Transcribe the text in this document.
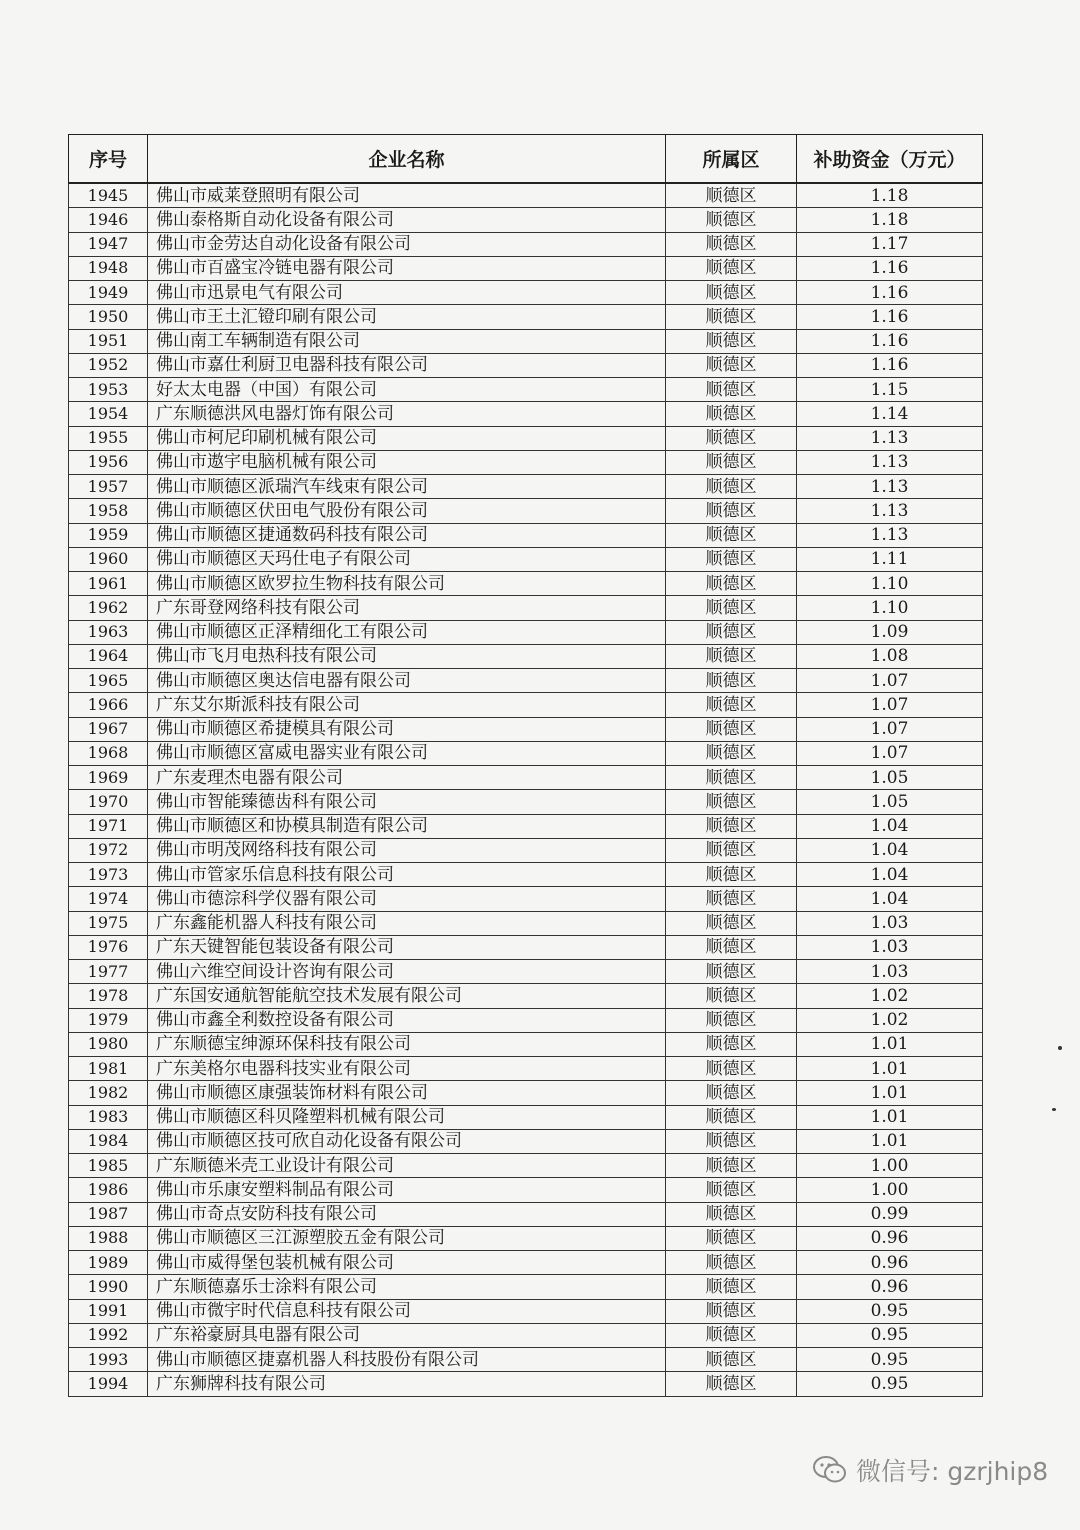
序号	企业名称	所属区	补助资金（万元）
1945	佛山市威莱登照明有限公司	顺德区	1.18
1946	佛山泰格斯自动化设备有限公司	顺德区	1.18
1947	佛山市金劳达自动化设备有限公司	顺德区	1.17
1948	佛山市百盛宝冷链电器有限公司	顺德区	1.16
1949	佛山市迅景电气有限公司	顺德区	1.16
1950	佛山市王土汇镫印刷有限公司	顺德区	1.16
1951	佛山南工车辆制造有限公司	顺德区	1.16
1952	佛山市嘉仕利厨卫电器科技有限公司	顺德区	1.16
1953	好太太电器（中国）有限公司	顺德区	1.15
1954	广东顺德洪风电器灯饰有限公司	顺德区	1.14
1955	佛山市柯尼印刷机械有限公司	顺德区	1.13
1956	佛山市遨宇电脑机械有限公司	顺德区	1.13
1957	佛山市顺德区派瑞汽车线束有限公司	顺德区	1.13
1958	佛山市顺德区伏田电气股份有限公司	顺德区	1.13
1959	佛山市顺德区捷通数码科技有限公司	顺德区	1.13
1960	佛山市顺德区天玛仕电子有限公司	顺德区	1.11
1961	佛山市顺德区欧罗拉生物科技有限公司	顺德区	1.10
1962	广东哥登网络科技有限公司	顺德区	1.10
1963	佛山市顺德区正泽精细化工有限公司	顺德区	1.09
1964	佛山市飞月电热科技有限公司	顺德区	1.08
1965	佛山市顺德区奥达信电器有限公司	顺德区	1.07
1966	广东艾尔斯派科技有限公司	顺德区	1.07
1967	佛山市顺德区希捷模具有限公司	顺德区	1.07
1968	佛山市顺德区富威电器实业有限公司	顺德区	1.07
1969	广东麦理杰电器有限公司	顺德区	1.05
1970	佛山市智能臻德齿科有限公司	顺德区	1.05
1971	佛山市顺德区和协模具制造有限公司	顺德区	1.04
1972	佛山市明茂网络科技有限公司	顺德区	1.04
1973	佛山市管家乐信息科技有限公司	顺德区	1.04
1974	佛山市德淙科学仪器有限公司	顺德区	1.04
1975	广东鑫能机器人科技有限公司	顺德区	1.03
1976	广东天键智能包装设备有限公司	顺德区	1.03
1977	佛山六维空间设计咨询有限公司	顺德区	1.03
1978	广东国安通航智能航空技术发展有限公司	顺德区	1.02
1979	佛山市鑫全利数控设备有限公司	顺德区	1.02
1980	广东顺德宝绅源环保科技有限公司	顺德区	1.01
1981	广东美格尔电器科技实业有限公司	顺德区	1.01
1982	佛山市顺德区康强装饰材料有限公司	顺德区	1.01
1983	佛山市顺德区科贝隆塑料机械有限公司	顺德区	1.01
1984	佛山市顺德区技可欣自动化设备有限公司	顺德区	1.01
1985	广东顺德米壳工业设计有限公司	顺德区	1.00
1986	佛山市乐康安塑料制品有限公司	顺德区	1.00
1987	佛山市奇点安防科技有限公司	顺德区	0.99
1988	佛山市顺德区三江源塑胶五金有限公司	顺德区	0.96
1989	佛山市威得堡包装机械有限公司	顺德区	0.96
1990	广东顺德嘉乐士涂料有限公司	顺德区	0.96
1991	佛山市微宇时代信息科技有限公司	顺德区	0.95
1992	广东裕豪厨具电器有限公司	顺德区	0.95
1993	佛山市顺德区捷嘉机器人科技股份有限公司	顺德区	0.95
1994	广东狮牌科技有限公司	顺德区	0.95
微信号: gzrjhip8
